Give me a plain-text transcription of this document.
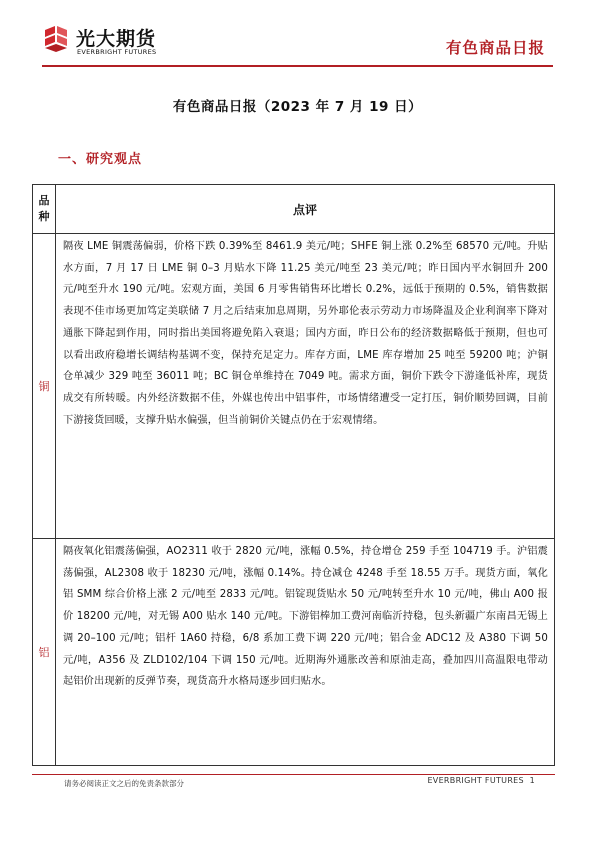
光大期货
EVERBRIGHT FUTURES	有色商品日报
有色商品日报（2023 年 7 月 19 日）
一、研究观点
品
种	点评
铜	隔夜 LME 铜震荡偏弱，价格下跌 0.39%至 8461.9 美元/吨；SHFE 铜上涨 0.2%至 68570 元/吨。升贴水方面，7 月 17 日 LME 铜 0–3 月贴水下降 11.25 美元/吨至 23 美元/吨；昨日国内平水铜回升 200 元/吨至升水 190 元/吨。宏观方面，美国 6 月零售销售环比增长 0.2%，远低于预期的 0.5%，销售数据表现不佳市场更加笃定美联储 7 月之后结束加息周期，另外耶伦表示劳动力市场降温及企业利润率下降对通胀下降起到作用，同时指出美国将避免陷入衰退；国内方面，昨日公布的经济数据略低于预期，但也可以看出政府稳增长调结构基调不变，保持充足定力。库存方面，LME 库存增加 25 吨至 59200 吨；沪铜仓单减少 329 吨至 36011 吨；BC 铜仓单维持在 7049 吨。需求方面，铜价下跌令下游逢低补库，现货成交有所转暖。内外经济数据不佳，外媒也传出中铝事件，市场情绪遭受一定打压，铜价顺势回调，目前下游接货回暖，支撑升贴水偏强，但当前铜价关键点仍在于宏观情绪。
铝	隔夜氧化铝震荡偏强，AO2311 收于 2820 元/吨，涨幅 0.5%，持仓增仓 259 手至 104719 手。沪铝震荡偏强，AL2308 收于 18230 元/吨，涨幅 0.14%。持仓减仓 4248 手至 18.55 万手。现货方面，氧化铝 SMM 综合价格上涨 2 元/吨至 2833 元/吨。铝锭现货贴水 50 元/吨转至升水 10 元/吨，佛山 A00 报价 18200 元/吨，对无锡 A00 贴水 140 元/吨。下游铝棒加工费河南临沂持稳，包头新疆广东南昌无锡上调 20–100 元/吨；铝杆 1A60 持稳，6/8 系加工费下调 220 元/吨；铝合金 ADC12 及 A380 下调 50 元/吨，A356 及 ZLD102/104 下调 150 元/吨。近期海外通胀改善和原油走高，叠加四川高温限电带动起铝价出现新的反弹节奏，现货高升水格局逐步回归贴水。
请务必阅读正文之后的免责条款部分	EVERBRIGHT FUTURES 1
